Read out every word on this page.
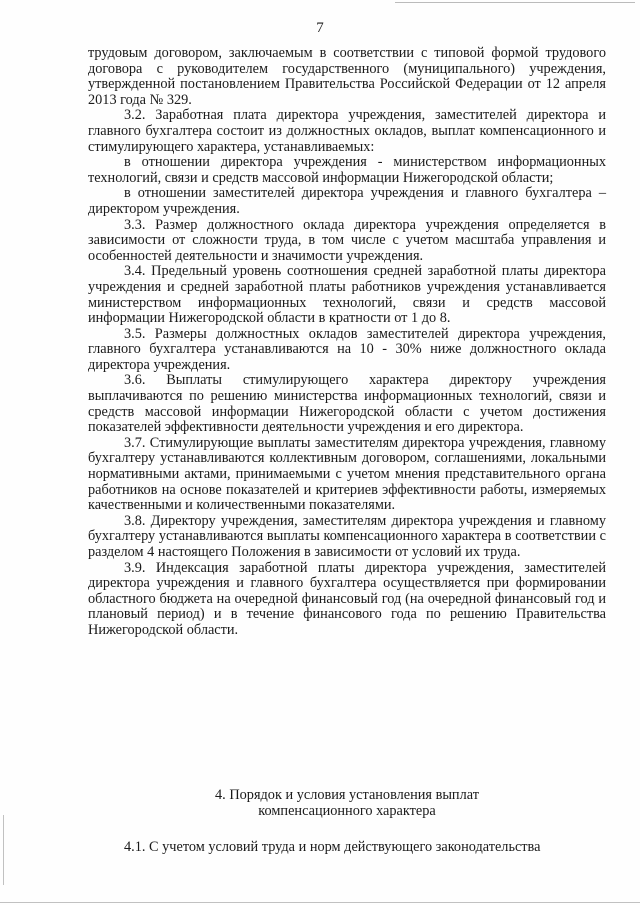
7

трудовым договором, заключаемым в соответствии с типовой формой трудового договора с руководителем государственного (муниципального) учреждения, утвержденной постановлением Правительства Российской Федерации от 12 апреля 2013 года № 329.

3.2. Заработная плата директора учреждения, заместителей директора и главного бухгалтера состоит из должностных окладов, выплат компенсационного и стимулирующего характера, устанавливаемых:

в отношении директора учреждения - министерством информационных технологий, связи и средств массовой информации Нижегородской области;

в отношении заместителей директора учреждения и главного бухгалтера – директором учреждения.

3.3. Размер должностного оклада директора учреждения определяется в зависимости от сложности труда, в том числе с учетом масштаба управления и особенностей деятельности и значимости учреждения.

3.4. Предельный уровень соотношения средней заработной платы директора учреждения и средней заработной платы работников учреждения устанавливается министерством информационных технологий, связи и средств массовой информации Нижегородской области в кратности от 1 до 8.

3.5. Размеры должностных окладов заместителей директора учреждения, главного бухгалтера устанавливаются на 10 - 30% ниже должностного оклада директора учреждения.

3.6. Выплаты стимулирующего характера директору учреждения выплачиваются по решению министерства информационных технологий, связи и средств массовой информации Нижегородской области с учетом достижения показателей эффективности деятельности учреждения и его директора.

3.7. Стимулирующие выплаты заместителям директора учреждения, главному бухгалтеру устанавливаются коллективным договором, соглашениями, локальными нормативными актами, принимаемыми с учетом мнения представительного органа работников на основе показателей и критериев эффективности работы, измеряемых качественными и количественными показателями.

3.8. Директору учреждения, заместителям директора учреждения и главному бухгалтеру устанавливаются выплаты компенсационного характера в соответствии с разделом 4 настоящего Положения в зависимости от условий их труда.

3.9. Индексация заработной платы директора учреждения, заместителей директора учреждения и главного бухгалтера осуществляется при формировании областного бюджета на очередной финансовый год (на очередной финансовый год и плановый период) и в течение финансового года по решению Правительства Нижегородской области.

4. Порядок и условия установления выплат
компенсационного характера
4.1. С учетом условий труда и норм действующего законодательства
